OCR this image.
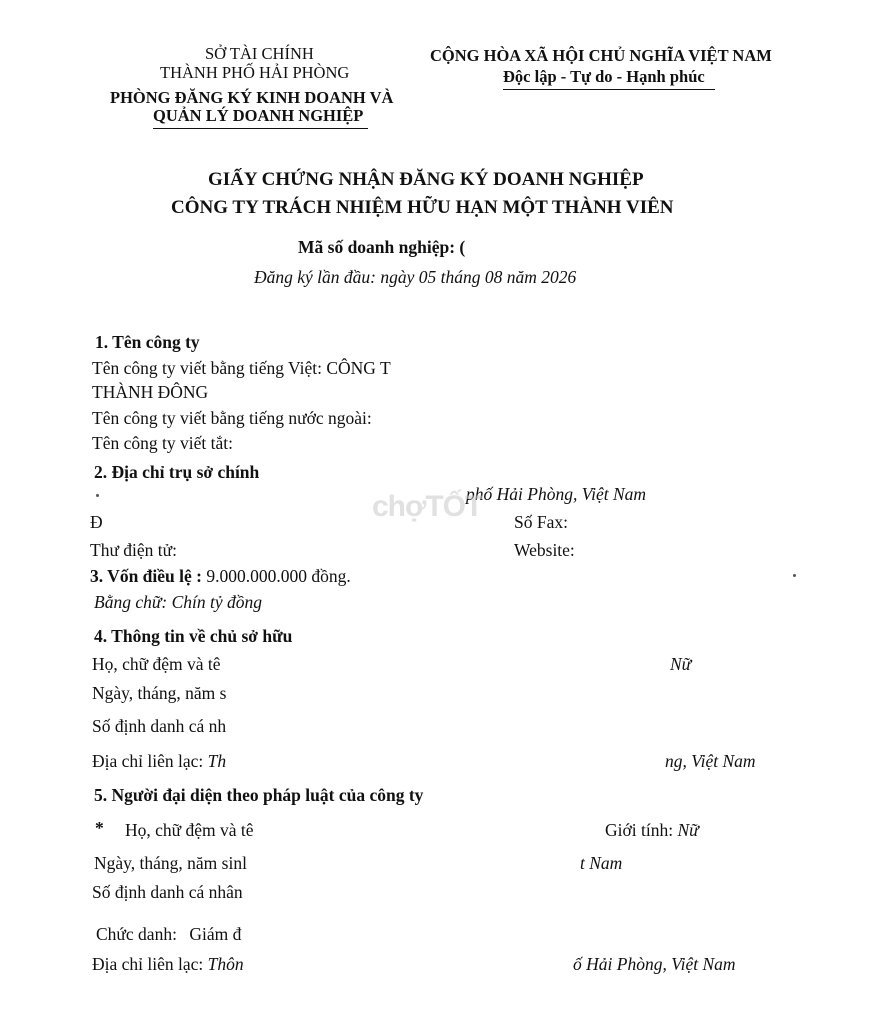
SỞ TÀI CHÍNH
THÀNH PHỐ HẢI PHÒNG
PHÒNG ĐĂNG KÝ KINH DOANH VÀ
QUẢN LÝ DOANH NGHIỆP
CỘNG HÒA XÃ HỘI CHỦ NGHĨA VIỆT NAM
Độc lập - Tự do - Hạnh phúc
GIẤY CHỨNG NHẬN ĐĂNG KÝ DOANH NGHIỆP
CÔNG TY TRÁCH NHIỆM HỮU HẠN MỘT THÀNH VIÊN
Mã số doanh nghiệp: (
Đăng ký lần đầu: ngày 05 tháng 08 năm 2026
1. Tên công ty
Tên công ty viết bằng tiếng Việt: CÔNG T
THÀNH ĐÔNG
Tên công ty viết bằng tiếng nước ngoài:
Tên công ty viết tắt:
2. Địa chỉ trụ sở chính
phố Hải Phòng, Việt Nam
Đ	Số Fax:
Thư điện tử:	Website:
3. Vốn điều lệ : 9.000.000.000 đồng.
Bằng chữ: Chín tỷ đồng
4. Thông tin về chủ sở hữu
Họ, chữ đệm và tê	Nữ
Ngày, tháng, năm s
Số định danh cá nh
Địa chỉ liên lạc: Th	ng, Việt Nam
5. Người đại diện theo pháp luật của công ty
* Họ, chữ đệm và tê	Giới tính: Nữ
Ngày, tháng, năm sinl	t Nam
Số định danh cá nhân
Chức danh: Giám đ
Địa chỉ liên lạc: Thôn	ố Hải Phòng, Việt Nam
chợTỐT
